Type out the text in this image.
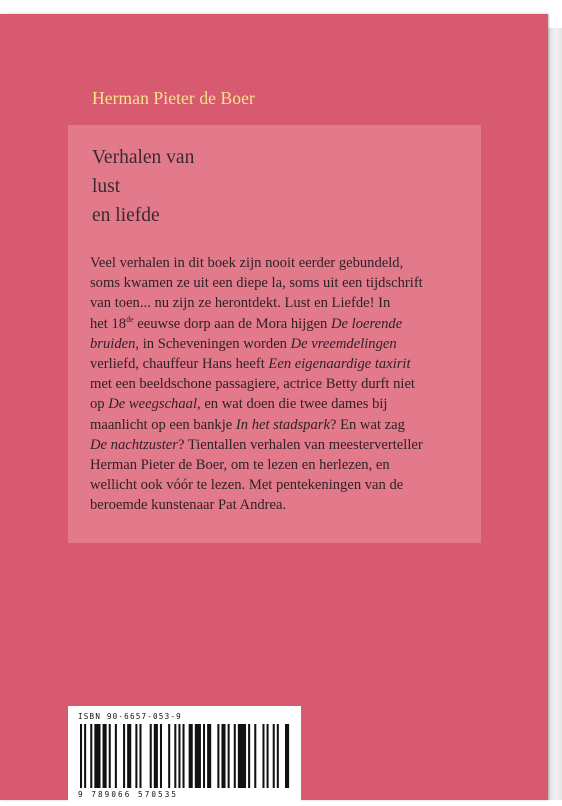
Herman Pieter de Boer
Verhalen van
lust
en liefde
Veel verhalen in dit boek zijn nooit eerder gebundeld,
soms kwamen ze uit een diepe la, soms uit een tijdschrift
van toen... nu zijn ze herontdekt. Lust en Liefde! In
het 18de eeuwse dorp aan de Mora hijgen De loerende
bruiden, in Scheveningen worden De vreemdelingen
verliefd, chauffeur Hans heeft Een eigenaardige taxirit
met een beeldschone passagiere, actrice Betty durft niet
op De weegschaal, en wat doen die twee dames bij
maanlicht op een bankje In het stadspark? En wat zag
De nachtzuster? Tientallen verhalen van meesterverteller
Herman Pieter de Boer, om te lezen en herlezen, en
wellicht ook vóór te lezen. Met pentekeningen van de
beroemde kunstenaar Pat Andrea.
ISBN 90-6657-053-9
9 789066 570535
